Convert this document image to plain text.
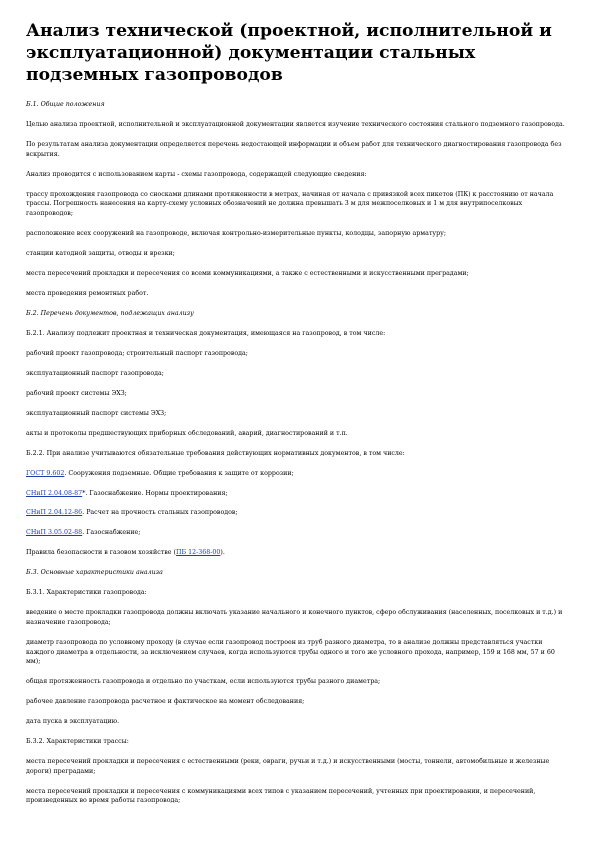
Анализ технической (проектной, исполнительной и эксплуатационной) документации стальных подземных газопроводов
Б.1. Общие положения
Целью анализа проектной, исполнительной и эксплуатационной документации является изучение технического состояния стального подземного газопровода.
По результатам анализа документации определяется перечень недостающей информации и объем работ для технического диагностирования газопровода без вскрытия.
Анализ проводится с использованием карты - схемы газопровода, содержащей следующие сведения:
трассу прохождения газопровода со сносками длинами протяженности в метрах, начиная от начала с привязкой всех пикетов (ПК) к расстоянию от начала трассы. Погрешность нанесения на карту-схему условных обозначений не должна превышать 3 м для межпоселковых и 1 м для внутрипоселковых газопроводов;
расположение всех сооружений на газопроводе, включая контрольно-измерительные пункты, колодцы, запорную арматуру;
станции катодной защиты, отводы и врезки;
места пересечений прокладки и пересечения со всеми коммуникациями, а также с естественными и искусственными преградами;
места проведения ремонтных работ.
Б.2. Перечень документов, подлежащих анализу
Б.2.1. Анализу подлежит проектная и техническая документация, имеющаяся на газопровод, в том числе:
рабочий проект газопровода; строительный паспорт газопровода;
эксплуатационный паспорт газопровода;
рабочий проект системы ЭХЗ;
эксплуатационный паспорт системы ЭХЗ;
акты и протоколы предшествующих приборных обследований, аварий, диагностирований и т.п.
Б.2.2. При анализе учитываются обязательные требования действующих нормативных документов, в том числе:
ГОСТ 9.602. Сооружения подземные. Общие требования к защите от коррозии;
СНиП 2.04.08-87*. Газоснабжение. Нормы проектирования;
СНиП 2.04.12-86. Расчет на прочность стальных газопроводов;
СНиП 3.05.02-88. Газоснабжение;
Правила безопасности в газовом хозяйстве (ПБ 12-368-00).
Б.3. Основные характеристики анализа
Б.3.1. Характеристики газопровода:
введение о месте прокладки газопровода должны включать указание начального и конечного пунктов, сферо обслуживания (населенных, поселковых и т.д.) и назначение газопровода;
диаметр газопровода по условному проходу (в случае если газопровод построен из труб разного диаметра, то в анализе должны представляться участки каждого диаметра в отдельности, за исключением случаев, когда используются трубы одного и того же условного прохода, например, 159 и 168 мм, 57 и 60 мм);
общая протяженность газопровода и отдельно по участкам, если используются трубы разного диаметра;
рабочее давление газопровода расчетное и фактическое на момент обследования;
дата пуска в эксплуатацию.
Б.3.2. Характеристики трассы:
места пересечений прокладки и пересечения с естественными (реки, овраги, ручьи и т.д.) и искусственными (мосты, тоннели, автомобильные и железные дороги) преградами;
места пересечений прокладки и пересечения с коммуникациями всех типов с указанием пересечений, учтенных при проектировании, и пересечений, произведенных во время работы газопровода;
